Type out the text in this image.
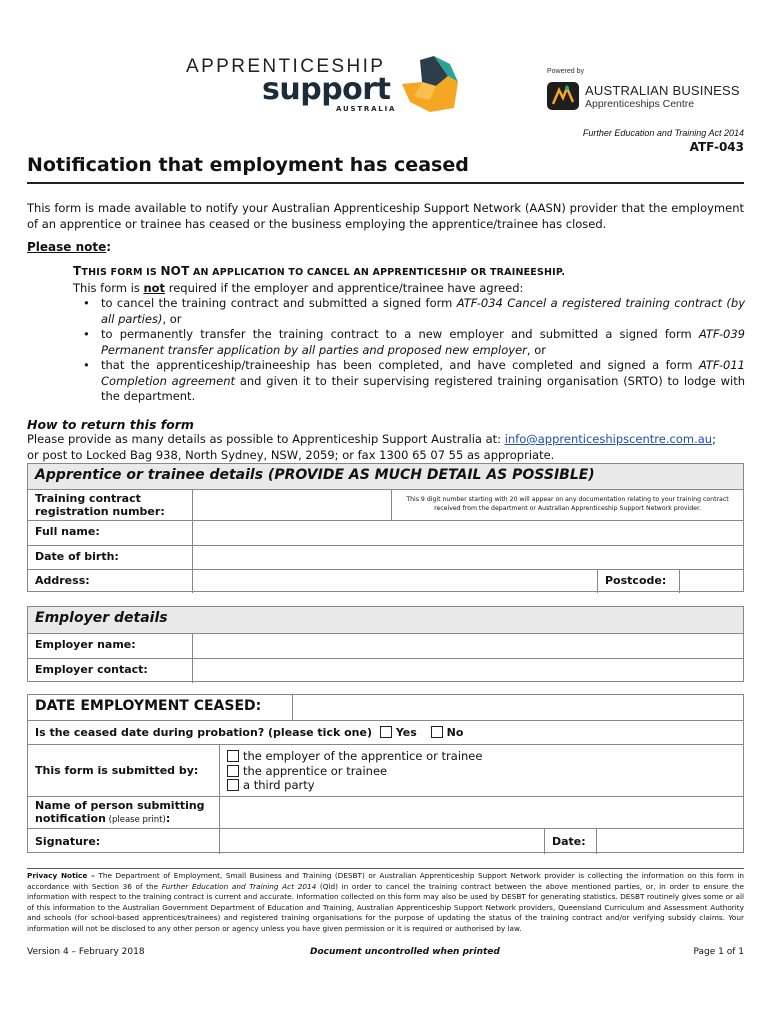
APPRENTICESHIP
support
AUSTRALIA
Powered by
AUSTRALIAN BUSINESS
Apprenticeships Centre
Further Education and Training Act 2014
ATF-043
Notification that employment has ceased
This form is made available to notify your Australian Apprenticeship Support Network (AASN) provider that the employment of an apprentice or trainee has ceased or the business employing the apprentice/trainee has closed.
Please note:
TTHIS FORM IS NOT AN APPLICATION TO CANCEL AN APPRENTICESHIP OR TRAINEESHIP.
This form is not required if the employer and apprentice/trainee have agreed:
• to cancel the training contract and submitted a signed form ATF-034 Cancel a registered training contract (by all parties), or
• to permanently transfer the training contract to a new employer and submitted a signed form ATF-039 Permanent transfer application by all parties and proposed new employer, or
• that the apprenticeship/traineeship has been completed, and have completed and signed a form ATF-011 Completion agreement and given it to their supervising registered training organisation (SRTO) to lodge with the department.
How to return this form
Please provide as many details as possible to Apprenticeship Support Australia at: info@apprenticeshipscentre.com.au;
or post to Locked Bag 938, North Sydney, NSW, 2059; or fax 1300 65 07 55 as appropriate.
Apprentice or trainee details (PROVIDE AS MUCH DETAIL AS POSSIBLE)
Training contract registration number:
This 9 digit number starting with 20 will appear on any documentation relating to your training contract received from the department or Australian Apprenticeship Support Network provider.
Full name:
Date of birth:
Address:	Postcode:
Employer details
Employer name:
Employer contact:
DATE EMPLOYMENT CEASED:
Is the ceased date during probation? (please tick one) Yes	No
This form is submitted by:
the employer of the apprentice or trainee
the apprentice or trainee
a third party
Name of person submitting notification (please print):
Signature:	Date:
Privacy Notice – The Department of Employment, Small Business and Training (DESBT) or Australian Apprenticeship Support Network provider is collecting the information on this form in accordance with Section 36 of the Further Education and Training Act 2014 (Qld) in order to cancel the training contract between the above mentioned parties, or, in order to ensure the information with respect to the training contract is current and accurate. Information collected on this form may also be used by DESBT for generating statistics. DESBT routinely gives some or all of this information to the Australian Government Department of Education and Training, Australian Apprenticeship Support Network providers, Queensland Curriculum and Assessment Authority and schools (for school-based apprentices/trainees) and registered training organisations for the purpose of updating the status of the training contract and/or verifying subsidy claims. Your information will not be disclosed to any other person or agency unless you have given permission or it is required or authorised by law.
Version 4 – February 2018	Document uncontrolled when printed	Page 1 of 1
